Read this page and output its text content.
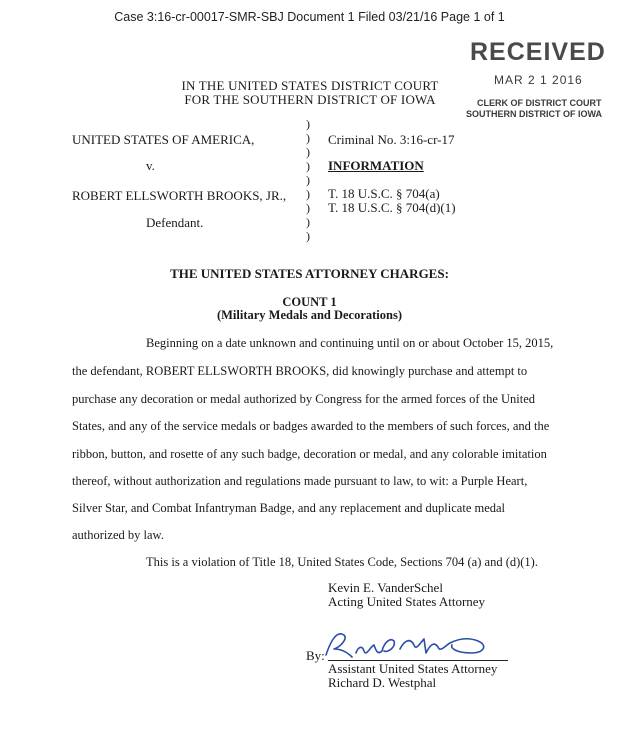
Case 3:16-cr-00017-SMR-SBJ Document 1 Filed 03/21/16 Page 1 of 1
RECEIVED
MAR 2 1 2016
CLERK OF DISTRICT COURT
SOUTHERN DISTRICT OF IOWA
IN THE UNITED STATES DISTRICT COURT
FOR THE SOUTHERN DISTRICT OF IOWA
UNITED STATES OF AMERICA,
v.
ROBERT ELLSWORTH BROOKS, JR.,
Defendant.
)
)
)
)
)
)
)
)
)
Criminal No. 3:16-cr-17
INFORMATION
T. 18 U.S.C. § 704(a)
T. 18 U.S.C. § 704(d)(1)
THE UNITED STATES ATTORNEY CHARGES:
COUNT 1
(Military Medals and Decorations)
Beginning on a date unknown and continuing until on or about October 15, 2015,
the defendant, ROBERT ELLSWORTH BROOKS, did knowingly purchase and attempt to
purchase any decoration or medal authorized by Congress for the armed forces of the United
States, and any of the service medals or badges awarded to the members of such forces, and the
ribbon, button, and rosette of any such badge, decoration or medal, and any colorable imitation
thereof, without authorization and regulations made pursuant to law, to wit: a Purple Heart,
Silver Star, and Combat Infantryman Badge, and any replacement and duplicate medal
authorized by law.
This is a violation of Title 18, United States Code, Sections 704 (a) and (d)(1).
Kevin E. VanderSchel
Acting United States Attorney
By:
Assistant United States Attorney
Richard D. Westphal
